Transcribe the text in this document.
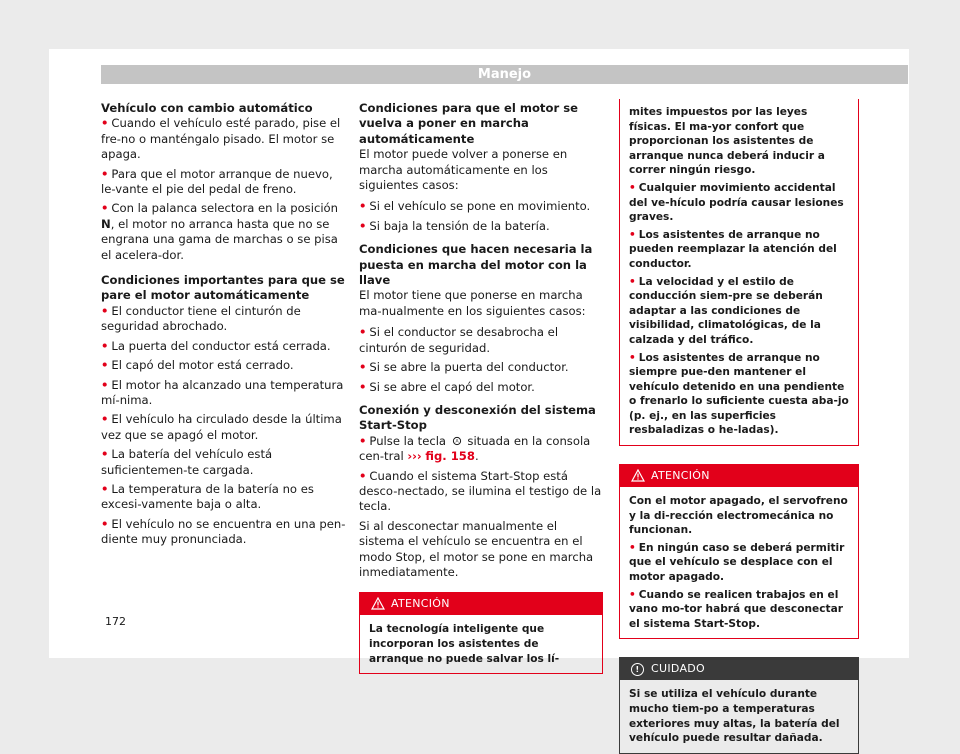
Manejo

Vehículo con cambio automático

• Cuando el vehículo esté parado, pise el fre-no o manténgalo pisado. El motor se apaga.

• Para que el motor arranque de nuevo, le-vante el pie del pedal de freno.

• Con la palanca selectora en la posición N, el motor no arranca hasta que no se engrana una gama de marchas o se pisa el acelera-dor.

Condiciones importantes para que se pare el motor automáticamente

• El conductor tiene el cinturón de seguridad abrochado.

• La puerta del conductor está cerrada.

• El capó del motor está cerrado.

• El motor ha alcanzado una temperatura mí-nima.

• El vehículo ha circulado desde la última vez que se apagó el motor.

• La batería del vehículo está suficientemen-te cargada.

• La temperatura de la batería no es excesi-vamente baja o alta.

• El vehículo no se encuentra en una pen-diente muy pronunciada.

Condiciones para que el motor se vuelva a poner en marcha automáticamente

El motor puede volver a ponerse en marcha automáticamente en los siguientes casos:

• Si el vehículo se pone en movimiento.

• Si baja la tensión de la batería.

Condiciones que hacen necesaria la puesta en marcha del motor con la llave

El motor tiene que ponerse en marcha ma-nualmente en los siguientes casos:

• Si el conductor se desabrocha el cinturón de seguridad.

• Si se abre la puerta del conductor.

• Si se abre el capó del motor.

Conexión y desconexión del sistema Start-Stop

• Pulse la tecla A situada en la consola cen-tral ››› fig. 158.

• Cuando el sistema Start-Stop está desco-nectado, se ilumina el testigo de la tecla.

Si al desconectar manualmente el sistema el vehículo se encuentra en el modo Stop, el motor se pone en marcha inmediatamente.

ATENCIÓN

La tecnología inteligente que incorporan los asistentes de arranque no puede salvar los lí-

mites impuestos por las leyes físicas. El ma-yor confort que proporcionan los asistentes de arranque nunca deberá inducir a correr ningún riesgo.

• Cualquier movimiento accidental del ve-hículo podría causar lesiones graves.

• Los asistentes de arranque no pueden reemplazar la atención del conductor.

• La velocidad y el estilo de conducción siem-pre se deberán adaptar a las condiciones de visibilidad, climatológicas, de la calzada y del tráfico.

• Los asistentes de arranque no siempre pue-den mantener el vehículo detenido en una pendiente o frenarlo lo suficiente cuesta aba-jo (p. ej., en las superficies resbaladizas o he-ladas).

ATENCIÓN

Con el motor apagado, el servofreno y la di-rección electromecánica no funcionan.

• En ningún caso se deberá permitir que el vehículo se desplace con el motor apagado.

• Cuando se realicen trabajos en el vano mo-tor habrá que desconectar el sistema Start-Stop.

!	CUIDADO

Si se utiliza el vehículo durante mucho tiem-po a temperaturas exteriores muy altas, la batería del vehículo puede resultar dañada.

172
